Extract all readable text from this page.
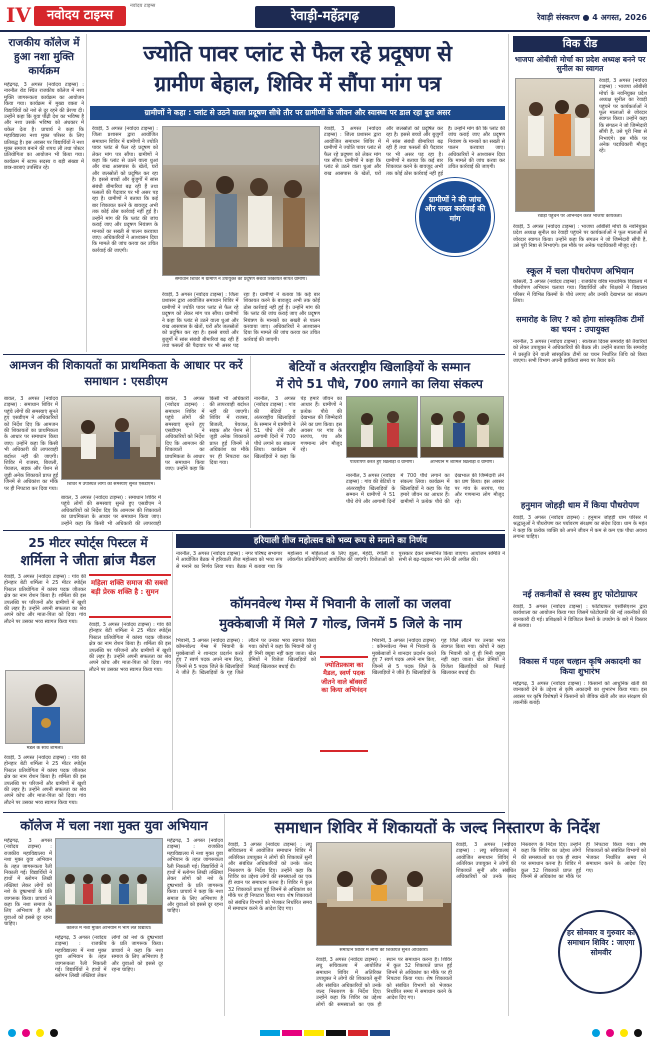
IV	नवोदय टाइम्स
नवोदय टाइम्स
रेवाड़ी-महेंद्रगढ़	रेवाड़ी संस्करण ● 4 अगस्त, 2026
राजकीय कॉलेज में हुआ नशा मुक्ति कार्यक्रम
महेंद्रगढ़, 3 अगस्त (नवोदय टाइम्स) : नारनौल रोड स्थित राजकीय कॉलेज में नशा मुक्ति जागरूकता कार्यक्रम का आयोजन किया गया। कार्यक्रम में मुख्य वक्ता ने विद्यार्थियों को नशे से दूर रहने की प्रेरणा दी। उन्होंने कहा कि युवा पीढ़ी देश का भविष्य है और नशा उसके भविष्य को अंधकार में धकेल देता है। प्राचार्य ने कहा कि महाविद्यालय नशा मुक्त परिसर के लिए प्रतिबद्ध है। इस अवसर पर विद्यार्थियों ने नशा मुक्त समाज बनाने की शपथ ली तथा पोस्टर प्रतियोगिता का आयोजन भी किया गया। कार्यक्रम में स्टाफ सदस्य व बड़ी संख्या में छात्र-छात्राएं उपस्थित रहे।
ज्योति पावर प्लांट से फैल रहे प्रदूषण से
ग्रामीण बेहाल, शिविर में सौंपा मांग पत्र
ग्रामीणों ने कहा : प्लांट से उठने वाला प्रदूषण सीधे तौर पर ग्रामीणों के जीवन और स्वास्थ्य पर डाल रहा बुरा असर
समाधान शिविर में ग्रामीण ने उपायुक्त को प्रदूषण संबंधी शिकायत सौंपते ग्रामीण।
रेवाड़ी, 3 अगस्त (नवोदय टाइम्स) : जिला प्रशासन द्वारा आयोजित समाधान शिविर में ग्रामीणों ने ज्योति पावर प्लांट से फैल रहे प्रदूषण को लेकर मांग पत्र सौंपा। ग्रामीणों ने कहा कि प्लांट से उठने वाला धुआं और राख आसपास के खेतों, घरों और जलस्रोतों को प्रदूषित कर रहा है। इससे बच्चों और बुजुर्गों में सांस संबंधी बीमारियां बढ़ रही हैं तथा फसलों की पैदावार पर भी असर पड़ रहा है। ग्रामीणों ने बताया कि कई बार शिकायत करने के बावजूद अभी तक कोई ठोस कार्रवाई नहीं हुई है। उन्होंने मांग की कि प्लांट की जांच कराई जाए और प्रदूषण नियंत्रण के मानकों का सख्ती से पालन करवाया जाए। अधिकारियों ने आश्वासन दिया कि मामले की जांच करवा कर उचित कार्रवाई की जाएगी।
रेवाड़ी, 3 अगस्त (नवोदय टाइम्स) : जिला प्रशासन द्वारा आयोजित समाधान शिविर में ग्रामीणों ने ज्योति पावर प्लांट से फैल रहे प्रदूषण को लेकर मांग पत्र सौंपा। ग्रामीणों ने कहा कि प्लांट से उठने वाला धुआं और राख आसपास के खेतों, घरों और जलस्रोतों को प्रदूषित कर रहा है। इससे बच्चों और बुजुर्गों में सांस संबंधी बीमारियां बढ़ रही हैं तथा फसलों की पैदावार पर भी असर पड़ रहा है। ग्रामीणों ने बताया कि कई बार शिकायत करने के बावजूद अभी तक कोई ठोस कार्रवाई नहीं हुई है। उन्होंने मांग की कि प्लांट की जांच कराई जाए और प्रदूषण नियंत्रण के मानकों का सख्ती से पालन करवाया जाए। अधिकारियों ने आश्वासन दिया कि मामले की जांच करवा कर उचित कार्रवाई की जाएगी।
रेवाड़ी, 3 अगस्त (नवोदय टाइम्स) : जिला प्रशासन द्वारा आयोजित समाधान शिविर में ग्रामीणों ने ज्योति पावर प्लांट से फैल रहे प्रदूषण को लेकर मांग पत्र सौंपा। ग्रामीणों ने कहा कि प्लांट से उठने वाला धुआं और राख आसपास के खेतों, घरों और जलस्रोतों को प्रदूषित कर रहा है। इससे बच्चों और बुजुर्गों में सांस संबंधी बीमारियां बढ़ रही हैं तथा फसलों की पैदावार पर भी असर पड़ रहा है। ग्रामीणों ने बताया कि कई बार शिकायत करने के बावजूद अभी तक कोई ठोस कार्रवाई नहीं हुई है। उन्होंने मांग की कि प्लांट की जांच कराई जाए और प्रदूषण नियंत्रण के मानकों का सख्ती से पालन करवाया जाए। अधिकारियों ने आश्वासन दिया कि मामले की जांच करवा कर उचित कार्रवाई की जाएगी।
ग्रामीणों ने की जांच और सख्त कार्रवाई की मांग
विक रीड
भाजपा ओबीसी मोर्चा का प्रदेश अध्यक्ष बनने पर सुनील का स्वागत
रेवाड़ी, 3 अगस्त (नवोदय टाइम्स) : भाजपा ओबीसी मोर्चा के नवनियुक्त प्रदेश अध्यक्ष सुनील का रेवाड़ी पहुंचने पर कार्यकर्ताओं ने फूल मालाओं से जोरदार स्वागत किया। उन्होंने कहा कि संगठन ने जो जिम्मेदारी सौंपी है, उसे पूरी निष्ठा से निभाएंगे। इस मौके पर अनेक पदाधिकारी मौजूद रहे।
रेवाड़ी पहुंचने पर अभिनंदन करते भाजपा कार्यकर्ता।
रेवाड़ी, 3 अगस्त (नवोदय टाइम्स) : भाजपा ओबीसी मोर्चा के नवनियुक्त प्रदेश अध्यक्ष सुनील का रेवाड़ी पहुंचने पर कार्यकर्ताओं ने फूल मालाओं से जोरदार स्वागत किया। उन्होंने कहा कि संगठन ने जो जिम्मेदारी सौंपी है, उसे पूरी निष्ठा से निभाएंगे। इस मौके पर अनेक पदाधिकारी मौजूद रहे।
स्कूल में चला पौधरोपण अभियान
कोसली, 3 अगस्त (नवोदय टाइम्स) : राजकीय वरिष्ठ माध्यमिक विद्यालय में पौधरोपण अभियान चलाया गया। विद्यार्थियों और शिक्षकों ने विद्यालय परिसर में विभिन्न किस्मों के पौधे लगाए और उनकी देखभाल का संकल्प लिया।
समारोह के लिए ? को होगा सांस्कृतिक टीमों का चयन : उपायुक्त
नारनौल, 3 अगस्त (नवोदय टाइम्स) : स्वतंत्रता दिवस समारोह की तैयारियों को लेकर उपायुक्त ने अधिकारियों की बैठक ली। उन्होंने बताया कि समारोह में प्रस्तुति देने वाली सांस्कृतिक टीमों का चयन निर्धारित तिथि को किया जाएगा। सभी विभाग अपनी झांकियां समय पर तैयार करें।
हनुमान जोहड़ी धाम में किया पौधरोपण
रेवाड़ी, 3 अगस्त (नवोदय टाइम्स) : हनुमान जोहड़ी धाम परिसर में श्रद्धालुओं ने पौधरोपण कर पर्यावरण संरक्षण का संदेश दिया। धाम के महंत ने कहा कि प्रत्येक व्यक्ति को अपने जीवन में कम से कम एक पौधा अवश्य लगाना चाहिए।
नई तकनीकों से स्वस्थ हुए फोटोग्राफर
रेवाड़ी, 3 अगस्त (नवोदय टाइम्स) : फोटोग्राफर एसोसिएशन द्वारा कार्यशाला का आयोजन किया गया जिसमें फोटोग्राफी की नई तकनीकों की जानकारी दी गई। प्रशिक्षकों ने डिजिटल कैमरों के उपयोग के बारे में विस्तार से बताया।
विकास में पहल चल्हान कृषि अकादमी का किया शुभारंभ
महेंद्रगढ़, 3 अगस्त (नवोदय टाइम्स) : किसानों को आधुनिक खेती की जानकारी देने के उद्देश्य से कृषि अकादमी का शुभारंभ किया गया। इस अवसर पर कृषि विशेषज्ञों ने किसानों को जैविक खेती और जल संरक्षण की तकनीकें बताईं।
आमजन की शिकायतों का प्राथमिकता के आधार पर करें समाधान : एसडीएम
बावल, 3 अगस्त (नवोदय टाइम्स) : समाधान शिविर में पहुंचे लोगों की समस्याएं सुनते हुए एसडीएम ने अधिकारियों को निर्देश दिए कि आमजन की शिकायतों का प्राथमिकता के आधार पर समाधान किया जाए। उन्होंने कहा कि किसी भी अधिकारी की लापरवाही बर्दाश्त नहीं की जाएगी। शिविर में राजस्व, बिजली, पेयजल, सड़क और पेंशन से जुड़ी अनेक शिकायतें प्राप्त हुईं जिनमें से अधिकांश का मौके पर ही निपटारा कर दिया गया।
शिविर में उपस्थित लोगों की समस्याएं सुनते एसडीएम।
बावल, 3 अगस्त (नवोदय टाइम्स) : समाधान शिविर में पहुंचे लोगों की समस्याएं सुनते हुए एसडीएम ने अधिकारियों को निर्देश दिए कि आमजन की शिकायतों का प्राथमिकता के आधार पर समाधान किया जाए। उन्होंने कहा कि किसी भी अधिकारी की लापरवाही
बावल, 3 अगस्त (नवोदय टाइम्स) : समाधान शिविर में पहुंचे लोगों की समस्याएं सुनते हुए एसडीएम ने अधिकारियों को निर्देश दिए कि आमजन की शिकायतों का प्राथमिकता के आधार पर समाधान किया जाए। उन्होंने कहा कि किसी भी अधिकारी की लापरवाही बर्दाश्त नहीं की जाएगी। शिविर में राजस्व, बिजली, पेयजल, सड़क और पेंशन से जुड़ी अनेक शिकायतें प्राप्त हुईं जिनमें से अधिकांश का मौके पर ही निपटारा कर दिया गया।
बेटियों व अंतरराष्ट्रीय खिलाड़ियों के सम्मान
में रोपे 51 पौधे, 700 लगाने का लिया संकल्प
नारनौल, 3 अगस्त (नवोदय टाइम्स) : गांव की बेटियों व अंतरराष्ट्रीय खिलाड़ियों के सम्मान में ग्रामीणों ने 51 पौधे रोपे और आगामी दिनों में 700 पौधे लगाने का संकल्प लिया। कार्यक्रम में खिलाड़ियों ने कहा कि पेड़ हमारे जीवन का आधार हैं। ग्रामीणों ने प्रत्येक पौधे की देखभाल की जिम्मेदारी लेने का प्रण किया। इस अवसर पर गांव के सरपंच, पंच और गणमान्य लोग मौजूद रहे।
पौधरोपण करते हुए खिलाड़ी व ग्रामीण।	अभियान में शामिल खिलाड़ी व ग्रामीण।
नारनौल, 3 अगस्त (नवोदय टाइम्स) : गांव की बेटियों व अंतरराष्ट्रीय खिलाड़ियों के सम्मान में ग्रामीणों ने 51 पौधे रोपे और आगामी दिनों में 700 पौधे लगाने का संकल्प लिया। कार्यक्रम में खिलाड़ियों ने कहा कि पेड़ हमारे जीवन का आधार हैं। ग्रामीणों ने प्रत्येक पौधे की देखभाल की जिम्मेदारी लेने का प्रण किया। इस अवसर पर गांव के सरपंच, पंच और गणमान्य लोग मौजूद रहे।
25 मीटर स्पोर्ट्स पिस्टल में
शर्मिला ने जीता ब्रांज मैडल
रेवाड़ी, 3 अगस्त (नवोदय टाइम्स) : गांव की होनहार बेटी शर्मिला ने 25 मीटर स्पोर्ट्स पिस्टल प्रतियोगिता में कांस्य पदक जीतकर क्षेत्र का नाम रोशन किया है। शर्मिला की इस उपलब्धि पर परिजनों और ग्रामीणों में खुशी की लहर है। उन्होंने अपनी सफलता का श्रेय अपने कोच और माता-पिता को दिया। गांव लौटने पर उसका भव्य स्वागत किया गया।
महिला शक्ति समाज की सबसे बड़ी प्रेरक शक्ति है : सुमन
रेवाड़ी, 3 अगस्त (नवोदय टाइम्स) : गांव की होनहार बेटी शर्मिला ने 25 मीटर स्पोर्ट्स पिस्टल प्रतियोगिता में कांस्य पदक जीतकर क्षेत्र का नाम रोशन किया है। शर्मिला की इस उपलब्धि पर परिजनों और ग्रामीणों में खुशी की लहर है। उन्होंने अपनी सफलता का श्रेय अपने कोच और माता-पिता को दिया। गांव लौटने पर उसका भव्य स्वागत किया गया।
मेडल के साथ शर्मिला।
रेवाड़ी, 3 अगस्त (नवोदय टाइम्स) : गांव की होनहार बेटी शर्मिला ने 25 मीटर स्पोर्ट्स पिस्टल प्रतियोगिता में कांस्य पदक जीतकर क्षेत्र का नाम रोशन किया है। शर्मिला की इस उपलब्धि पर परिजनों और ग्रामीणों में खुशी की लहर है। उन्होंने अपनी सफलता का श्रेय अपने कोच और माता-पिता को दिया। गांव लौटने पर उसका भव्य स्वागत किया गया।
हरियाली तीज महोत्सव को भव्य रूप से मनाने का निर्णय
नारनौल, 3 अगस्त (नवोदय टाइम्स) : नगर परिषद सभागार में आयोजित बैठक में हरियाली तीज महोत्सव को भव्य रूप से मनाने का निर्णय लिया गया। बैठक में बताया गया कि महोत्सव में महिलाओं के लिए झूला, मेहंदी, रंगोली व लोकगीत प्रतियोगिताएं आयोजित की जाएंगी। विजेताओं को पुरस्कार देकर सम्मानित किया जाएगा। आयोजन समिति ने सभी से बढ़-चढ़कर भाग लेने की अपील की।
कॉमनवेल्थ गेम्स में भिवानी के लालों का जलवा
मुक्केबाजी में मिले 7 गोल्ड, जिनमें 5 जिले के नाम
भिवानी, 3 अगस्त (नवोदय टाइम्स) : कॉमनवेल्थ गेम्स में भिवानी के मुक्केबाजों ने शानदार प्रदर्शन करते हुए 7 स्वर्ण पदक अपने नाम किए, जिनमें से 5 पदक जिले के खिलाड़ियों ने जीते हैं। खिलाड़ियों के गृह जिले लौटने पर उनका भव्य स्वागत किया गया। कोचों ने कहा कि भिवानी को यूं ही मिनी क्यूबा नहीं कहा जाता। खेल प्रेमियों ने विजेता खिलाड़ियों को मिठाई खिलाकर बधाई दी।	ज्योतिप्रकाश का मैडल, स्वर्ण पदक जीतने वाले बॉक्सरों का किया अभिनंदन
भिवानी, 3 अगस्त (नवोदय टाइम्स) : कॉमनवेल्थ गेम्स में भिवानी के मुक्केबाजों ने शानदार प्रदर्शन करते हुए 7 स्वर्ण पदक अपने नाम किए, जिनमें से 5 पदक जिले के खिलाड़ियों ने जीते हैं। खिलाड़ियों के गृह जिले लौटने पर उनका भव्य स्वागत किया गया। कोचों ने कहा कि भिवानी को यूं ही मिनी क्यूबा नहीं कहा जाता। खेल प्रेमियों ने विजेता खिलाड़ियों को मिठाई खिलाकर बधाई दी।
कॉलेज में चला नशा मुक्त युवा अभियान
महेंद्रगढ़, 3 अगस्त (नवोदय टाइम्स) : राजकीय महाविद्यालय में नशा मुक्त युवा अभियान के तहत जागरूकता रैली निकाली गई। विद्यार्थियों ने हाथों में स्लोगन लिखी तख्तियां लेकर लोगों को नशे के दुष्प्रभावों के प्रति जागरूक किया। प्राचार्य ने कहा कि नशा समाज के लिए अभिशाप है और युवाओं को इससे दूर रहना चाहिए।
कॉलेज में नशा मुक्ति अभियान में भाग लेते विद्यार्थी।
महेंद्रगढ़, 3 अगस्त (नवोदय टाइम्स) : राजकीय महाविद्यालय में नशा मुक्त युवा अभियान के तहत जागरूकता रैली निकाली गई। विद्यार्थियों ने हाथों में स्लोगन लिखी तख्तियां लेकर लोगों को नशे के दुष्प्रभावों के प्रति जागरूक किया। प्राचार्य ने कहा कि नशा समाज के लिए अभिशाप है और युवाओं को इससे दूर रहना चाहिए।
महेंद्रगढ़, 3 अगस्त (नवोदय टाइम्स) : राजकीय महाविद्यालय में नशा मुक्त युवा अभियान के तहत जागरूकता रैली निकाली गई। विद्यार्थियों ने हाथों में स्लोगन लिखी तख्तियां लेकर लोगों को नशे के दुष्प्रभावों के प्रति जागरूक किया। प्राचार्य ने कहा कि नशा समाज के लिए अभिशाप है और युवाओं को इससे दूर रहना चाहिए।
समाधान शिविर में शिकायतों के जल्द निस्तारण के निर्देश
रेवाड़ी, 3 अगस्त (नवोदय टाइम्स) : लघु सचिवालय में आयोजित समाधान शिविर में अतिरिक्त उपायुक्त ने लोगों की शिकायतें सुनीं और संबंधित अधिकारियों को उनके जल्द निस्तारण के निर्देश दिए। उन्होंने कहा कि शिविर का उद्देश्य लोगों की समस्याओं का एक ही स्थान पर समाधान करना है। शिविर में कुल 32 शिकायतें प्राप्त हुईं जिनमें से अधिकांश का मौके पर ही निपटारा किया गया। शेष शिकायतों को संबंधित विभागों को भेजकर निर्धारित समय में समाधान करने के आदेश दिए गए।
समाधान शिविर में लोगों की शिकायतें सुनते अधिकारी।
रेवाड़ी, 3 अगस्त (नवोदय टाइम्स) : लघु सचिवालय में आयोजित समाधान शिविर में अतिरिक्त उपायुक्त ने लोगों की शिकायतें सुनीं और संबंधित अधिकारियों को उनके जल्द निस्तारण के निर्देश दिए। उन्होंने कहा कि शिविर का उद्देश्य लोगों की समस्याओं का एक ही स्थान पर समाधान करना है। शिविर में कुल 32 शिकायतें प्राप्त हुईं जिनमें से अधिकांश का मौके पर ही निपटारा किया गया। शेष शिकायतों को संबंधित विभागों को भेजकर निर्धारित समय में समाधान करने के आदेश दिए गए।
रेवाड़ी, 3 अगस्त (नवोदय टाइम्स) : लघु सचिवालय में आयोजित समाधान शिविर में अतिरिक्त उपायुक्त ने लोगों की शिकायतें सुनीं और संबंधित अधिकारियों को उनके जल्द निस्तारण के निर्देश दिए। उन्होंने कहा कि शिविर का उद्देश्य लोगों की समस्याओं का एक ही स्थान पर समाधान करना है। शिविर में कुल 32 शिकायतें प्राप्त हुईं जिनमें से अधिकांश का मौके पर ही निपटारा किया गया। शेष शिकायतों को संबंधित विभागों को भेजकर निर्धारित समय में समाधान करने के आदेश दिए गए।
हर सोमवार व गुरुवार को समाधान शिविर : जाएगा सोमवीर
